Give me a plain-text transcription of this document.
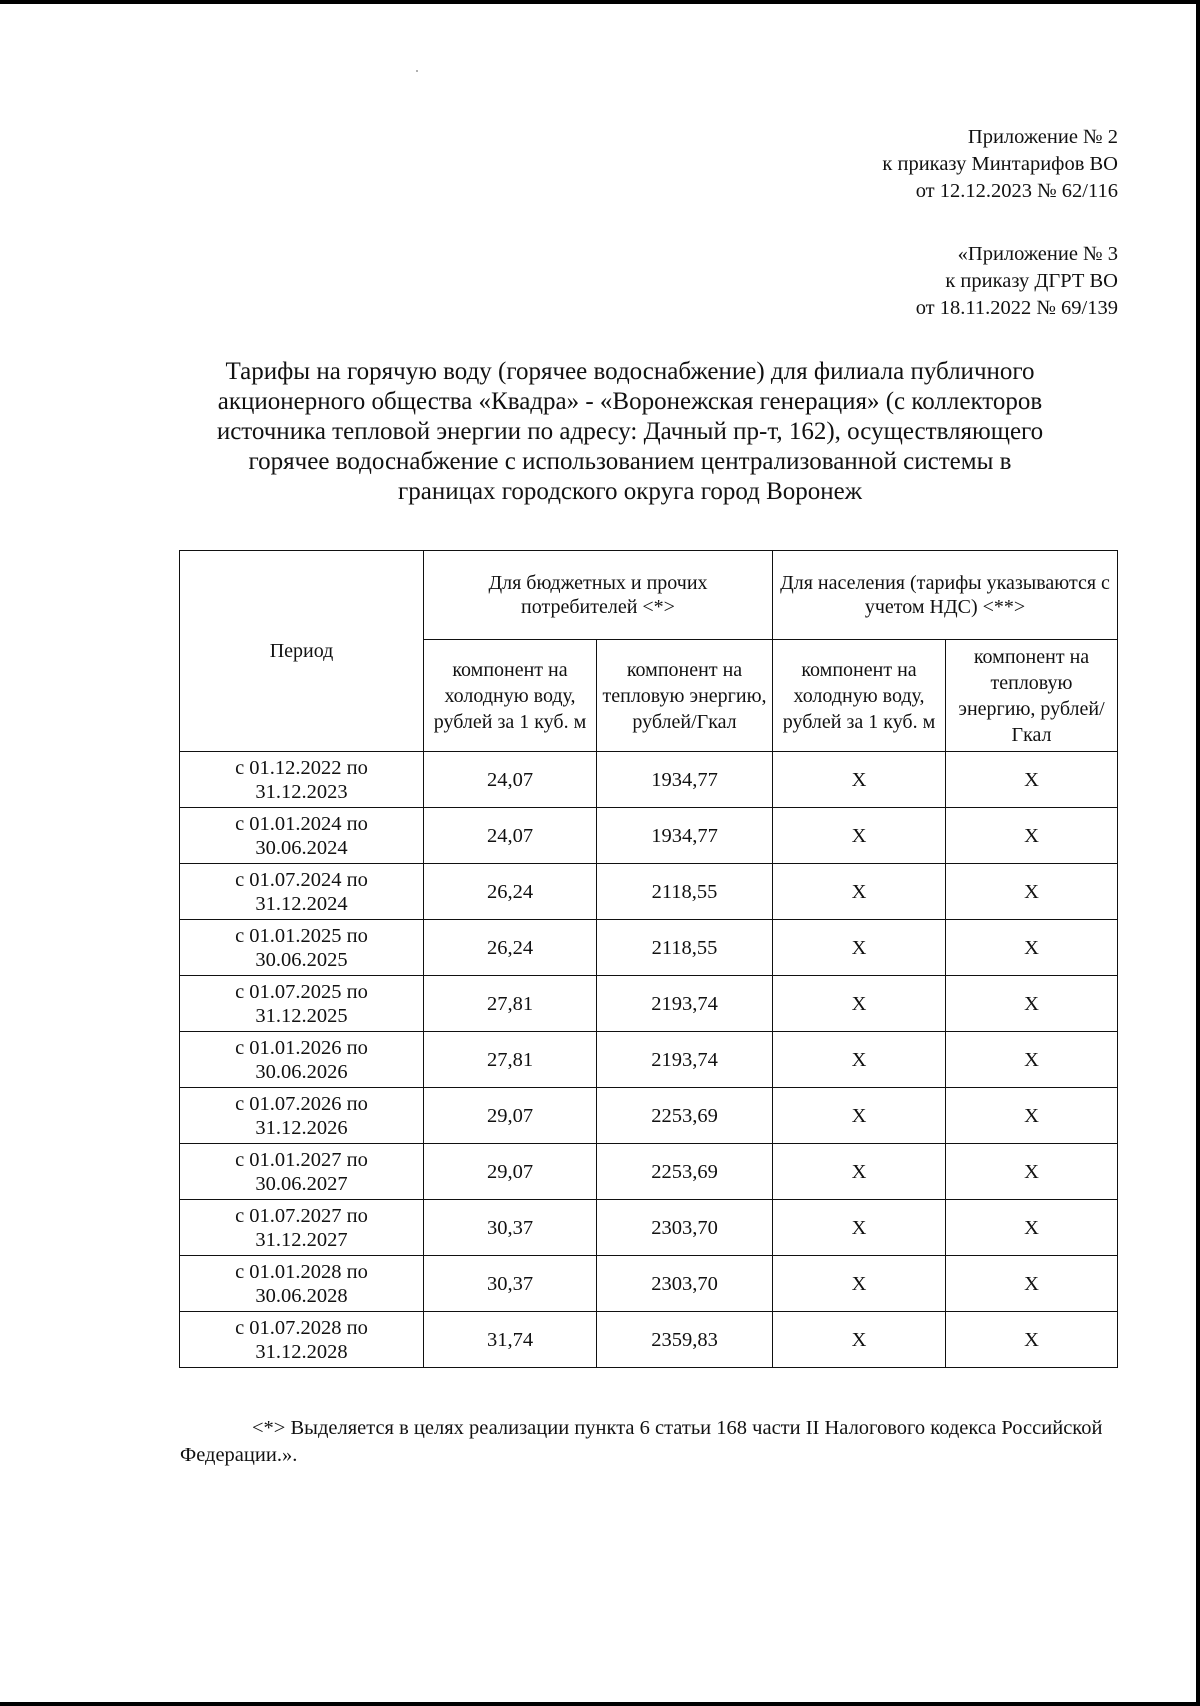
Приложение № 2
к приказу Минтарифов ВО
от 12.12.2023 № 62/116
«Приложение № 3
к приказу ДГРТ ВО
от 18.11.2022 № 69/139
Тарифы на горячую воду (горячее водоснабжение) для филиала публичного
акционерного общества «Квадра» - «Воронежская генерация» (с коллекторов
источника тепловой энергии по адресу: Дачный пр-т, 162), осуществляющего
горячее водоснабжение с использованием централизованной системы в
границах городского округа город Воронеж
Период	Для бюджетных и прочих потребителей <*>		Для населения (тарифы указываются с учетом НДС) <**>	
	компонент на холодную воду, рублей за 1 куб. м	компонент на тепловую энергию, рублей/Гкал	компонент на холодную воду, рублей за 1 куб. м	компонент на тепловую энергию, рублей/Гкал

с 01.12.2022 по
31.12.2023	24,07	1934,77	X	X

с 01.01.2024 по
30.06.2024	24,07	1934,77	X	X

с 01.07.2024 по
31.12.2024	26,24	2118,55	X	X

с 01.01.2025 по
30.06.2025	26,24	2118,55	X	X

с 01.07.2025 по
31.12.2025	27,81	2193,74	X	X

с 01.01.2026 по
30.06.2026	27,81	2193,74	X	X

с 01.07.2026 по
31.12.2026	29,07	2253,69	X	X

с 01.01.2027 по
30.06.2027	29,07	2253,69	X	X

с 01.07.2027 по
31.12.2027	30,37	2303,70	X	X

с 01.01.2028 по
30.06.2028	30,37	2303,70	X	X

с 01.07.2028 по
31.12.2028	31,74	2359,83	X	X
<*> Выделяется в целях реализации пункта 6 статьи 168 части II Налогового кодекса Российской Федерации.».
